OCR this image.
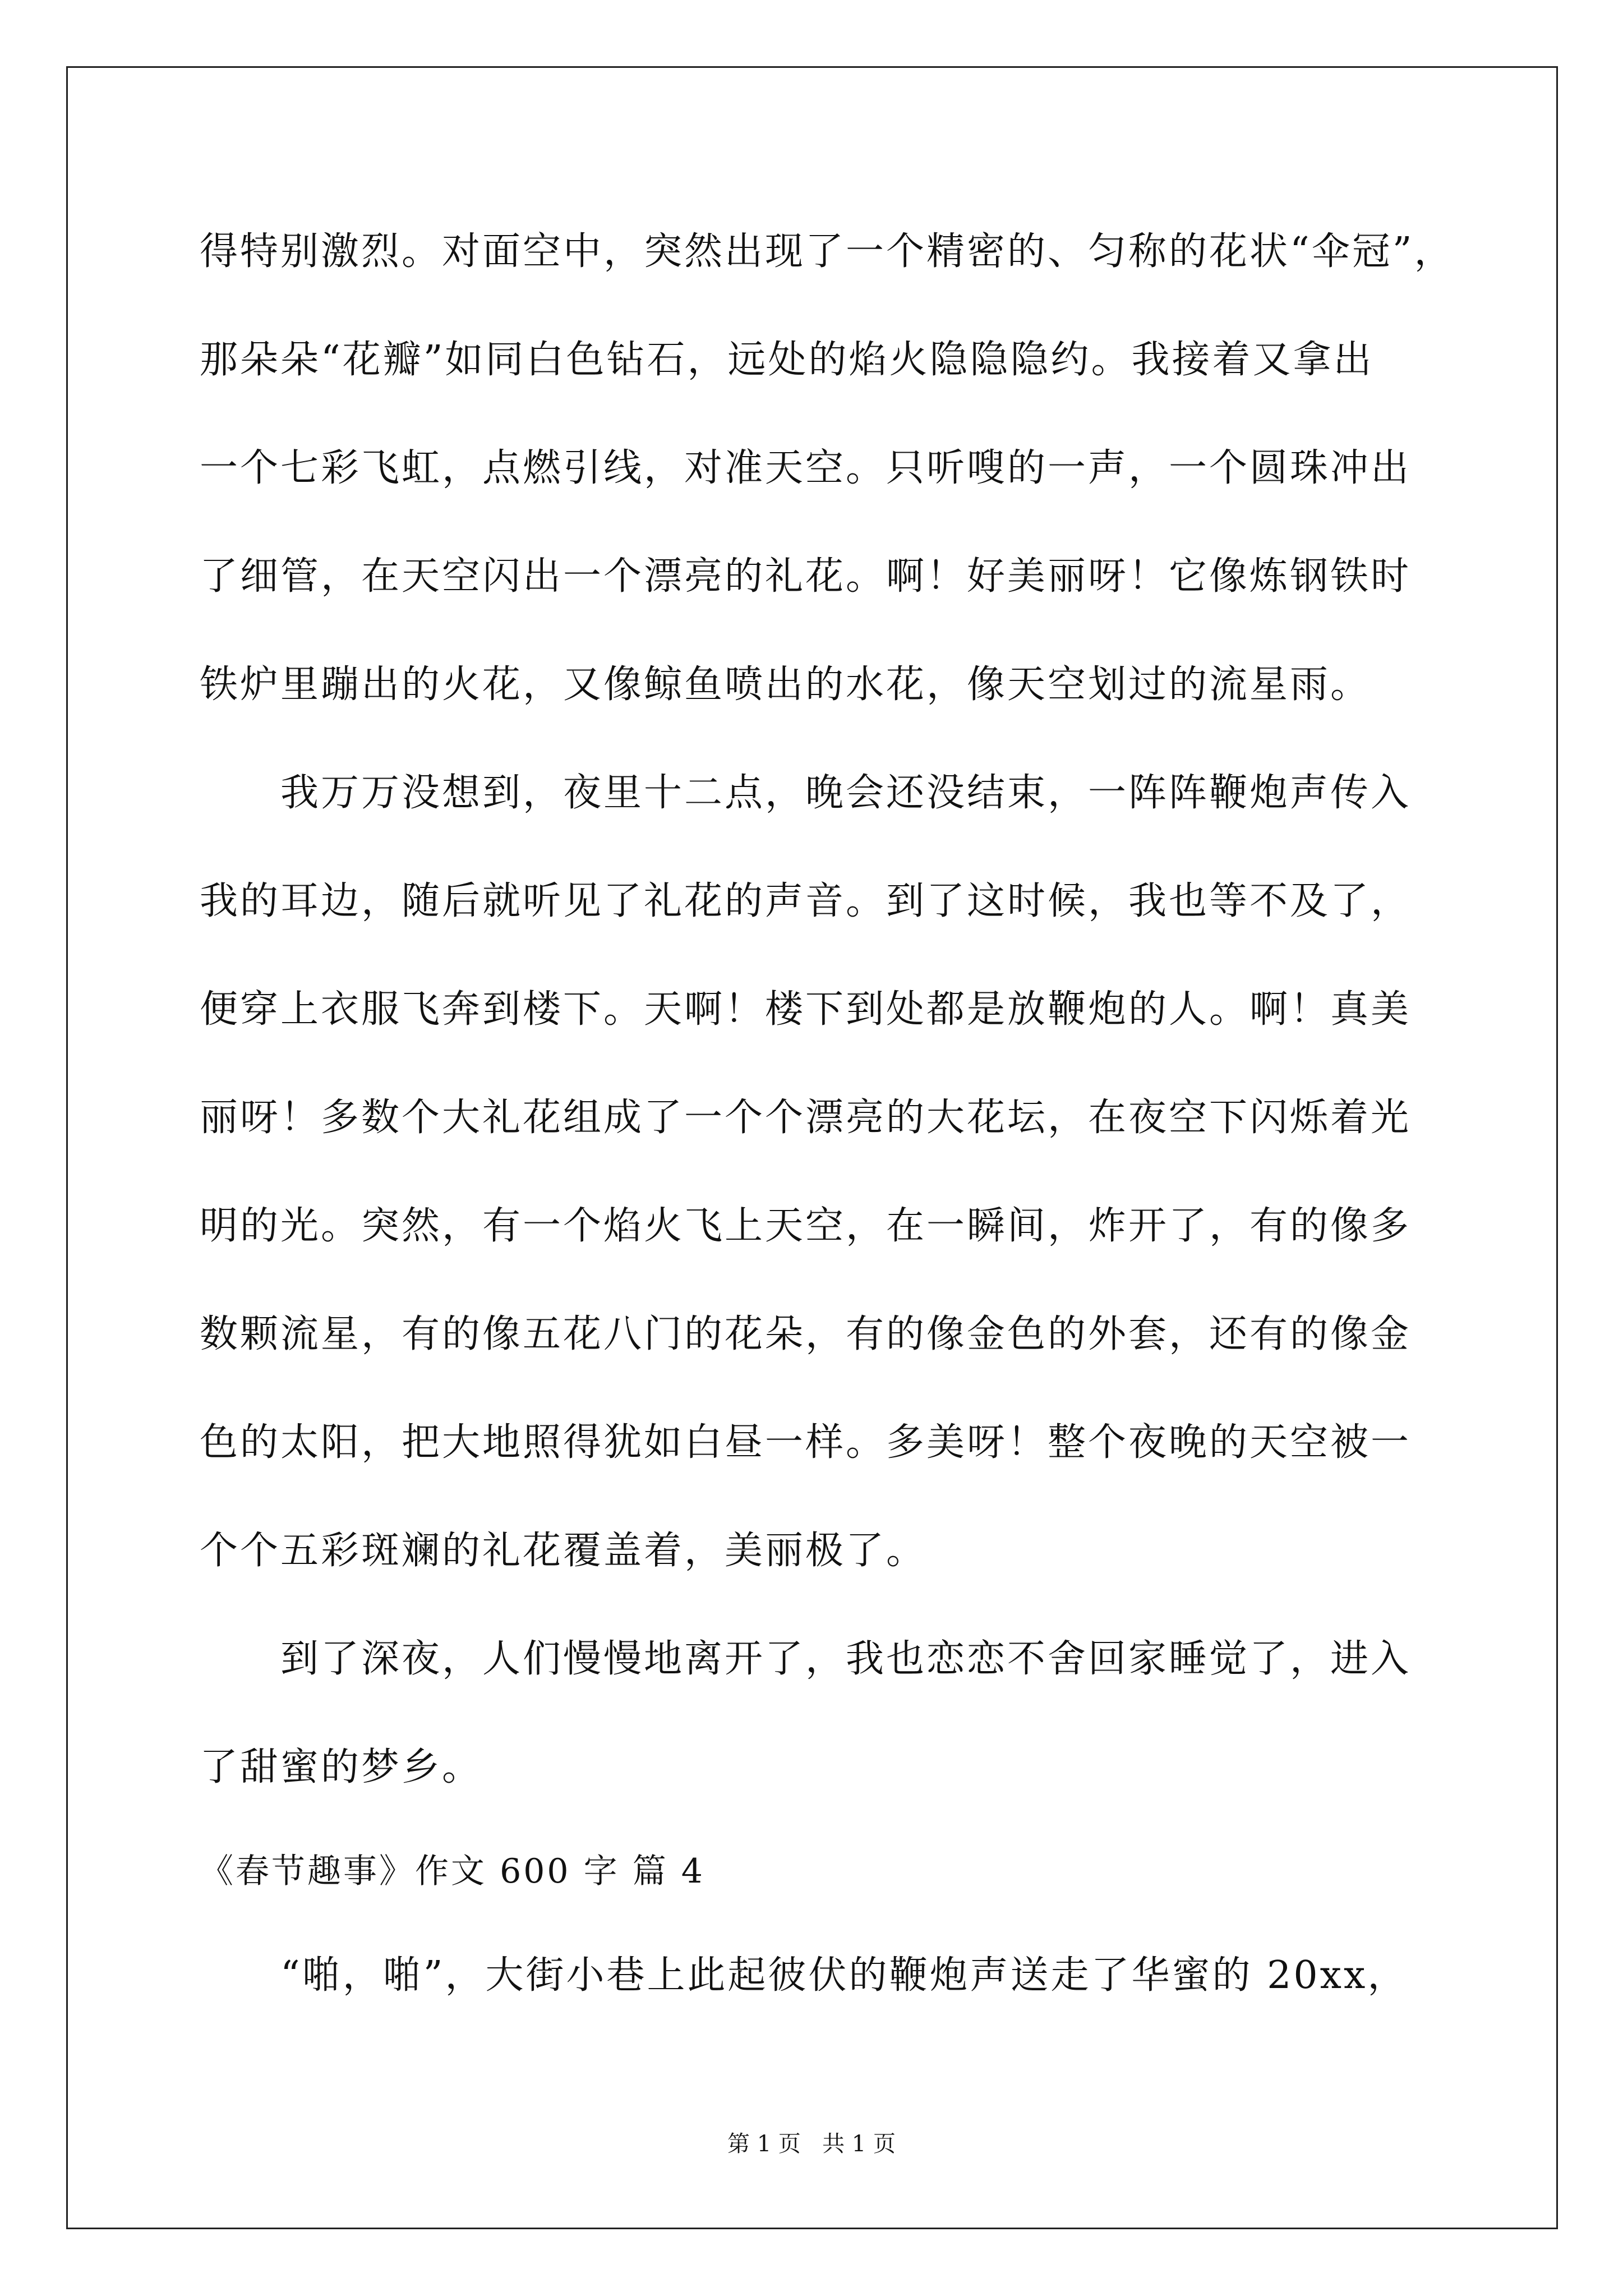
得特别激烈。对面空中，突然出现了一个精密的、匀称的花状“伞冠”，
那朵朵“花瓣”如同白色钻石，远处的焰火隐隐隐约。我接着又拿出
一个七彩飞虹，点燃引线，对准天空。只听嗖的一声，一个圆珠冲出
了细管，在天空闪出一个漂亮的礼花。啊！好美丽呀！它像炼钢铁时
铁炉里蹦出的火花，又像鲸鱼喷出的水花，像天空划过的流星雨。
我万万没想到，夜里十二点，晚会还没结束，一阵阵鞭炮声传入
我的耳边，随后就听见了礼花的声音。到了这时候，我也等不及了，
便穿上衣服飞奔到楼下。天啊！楼下到处都是放鞭炮的人。啊！真美
丽呀！多数个大礼花组成了一个个漂亮的大花坛，在夜空下闪烁着光
明的光。突然，有一个焰火飞上天空，在一瞬间，炸开了，有的像多
数颗流星，有的像五花八门的花朵，有的像金色的外套，还有的像金
色的太阳，把大地照得犹如白昼一样。多美呀！整个夜晚的天空被一
个个五彩斑斓的礼花覆盖着，美丽极了。
到了深夜，人们慢慢地离开了，我也恋恋不舍回家睡觉了，进入
了甜蜜的梦乡。
《春节趣事》作文 600 字 篇 4
“啪，啪”，大街小巷上此起彼伏的鞭炮声送走了华蜜的 20xx，
第 1 页   共 1 页
